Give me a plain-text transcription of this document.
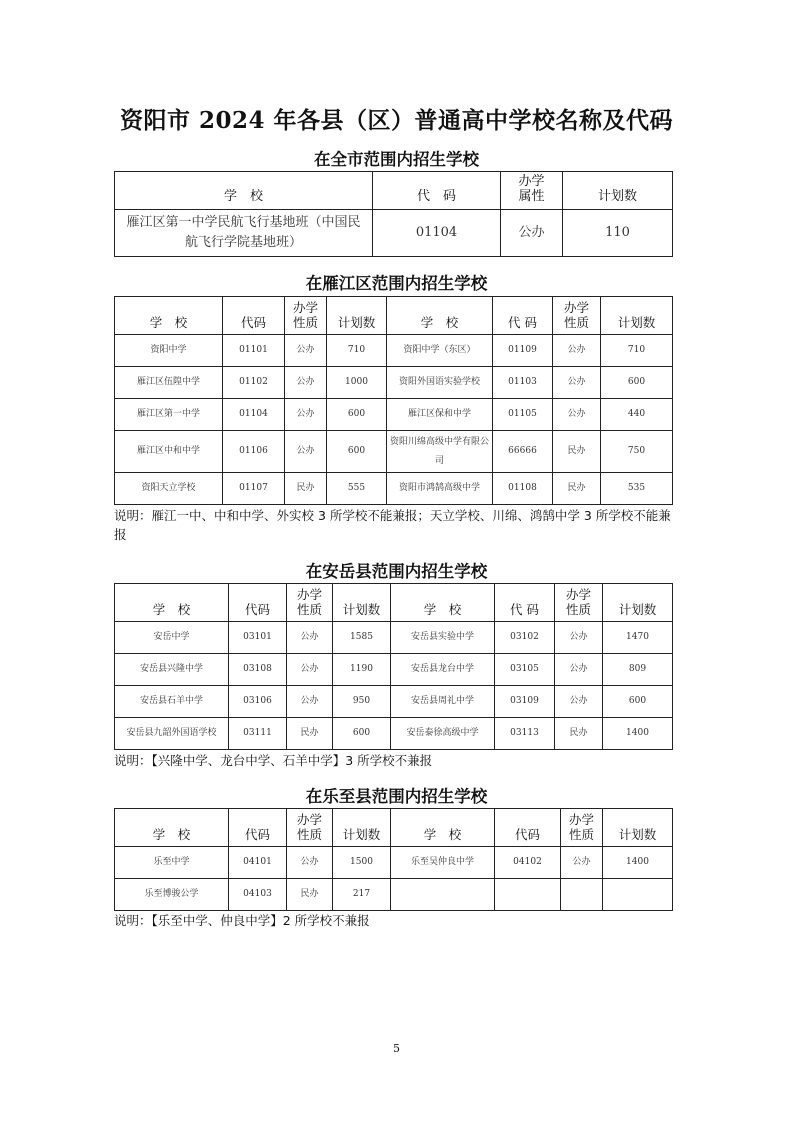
资阳市 2024 年各县（区）普通高中学校名称及代码
在全市范围内招生学校
学　校	代　码	办学属性	计划数
雁江区第一中学民航飞行基地班（中国民航飞行学院基地班）	01104	公办	110
在雁江区范围内招生学校
学　校	代码	办学性质	计划数	学　校	代 码	办学性质	计划数
资阳中学	01101	公办	710	资阳中学（东区）	01109	公办	710
雁江区伍隍中学	01102	公办	1000	资阳外国语实验学校	01103	公办	600
雁江区第一中学	01104	公办	600	雁江区保和中学	01105	公办	440
雁江区中和中学	01106	公办	600	资阳川绵高级中学有限公司	66666	民办	750
资阳天立学校	01107	民办	555	资阳市鸿鹄高级中学	01108	民办	535

说明：雁江一中、中和中学、外实校 3 所学校不能兼报；天立学校、川绵、鸿鹄中学 3 所学校不能兼报

在安岳县范围内招生学校
学　校	代码	办学性质	计划数	学　校	代 码	办学性质	计划数
安岳中学	03101	公办	1585	安岳县实验中学	03102	公办	1470
安岳县兴隆中学	03108	公办	1190	安岳县龙台中学	03105	公办	809
安岳县石羊中学	03106	公办	950	安岳县周礼中学	03109	公办	600
安岳县九韶外国语学校	03111	民办	600	安岳泰徐高级中学	03113	民办	1400

说明：【兴隆中学、龙台中学、石羊中学】3 所学校不兼报

在乐至县范围内招生学校
学　校	代码	办学性质	计划数	学　校	代码	办学性质	计划数
乐至中学	04101	公办	1500	乐至吴仲良中学	04102	公办	1400
乐至博骏公学	04103	民办	217				

说明：【乐至中学、仲良中学】2 所学校不兼报

5
